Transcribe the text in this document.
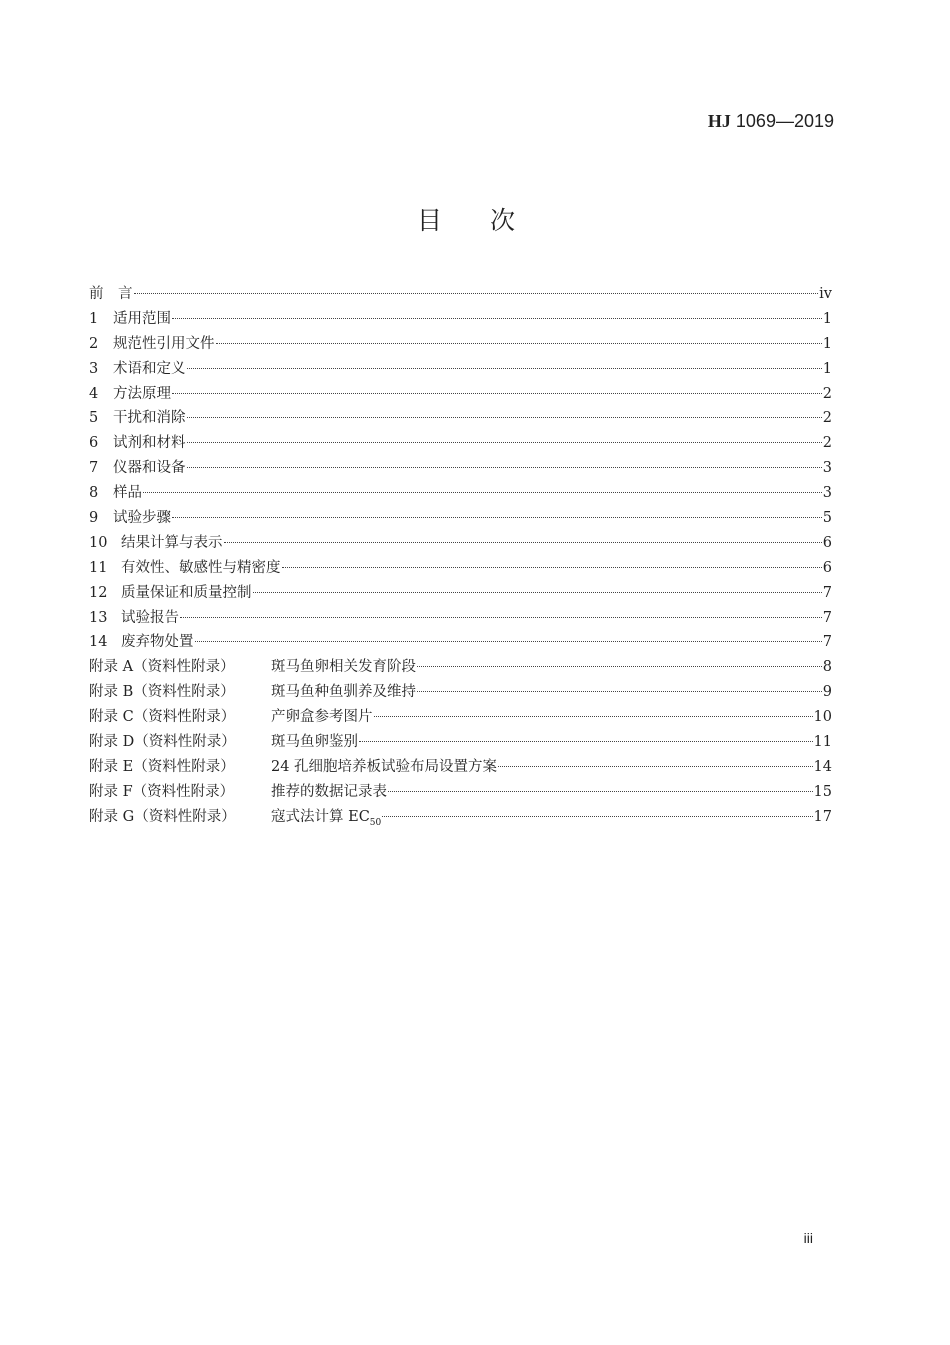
HJ 1069—2019
目次
前　言	iv
1	适用范围	1
2	规范性引用文件	1
3	术语和定义	1
4	方法原理	2
5	干扰和消除	2
6	试剂和材料	2
7	仪器和设备	3
8	样品	3
9	试验步骤	5
10 结果计算与表示	6
11 有效性、敏感性与精密度	6
12 质量保证和质量控制	7
13 试验报告	7
14 废弃物处置	7
附录 A（资料性附录）	斑马鱼卵相关发育阶段	8
附录 B（资料性附录）	斑马鱼种鱼驯养及维持	9
附录 C（资料性附录）	产卵盒参考图片	10
附录 D（资料性附录）	斑马鱼卵鉴别	11
附录 E（资料性附录）	24 孔细胞培养板试验布局设置方案	14
附录 F（资料性附录）	推荐的数据记录表	15
附录 G（资料性附录）	寇式法计算 $EC_{50}$	17
iii
